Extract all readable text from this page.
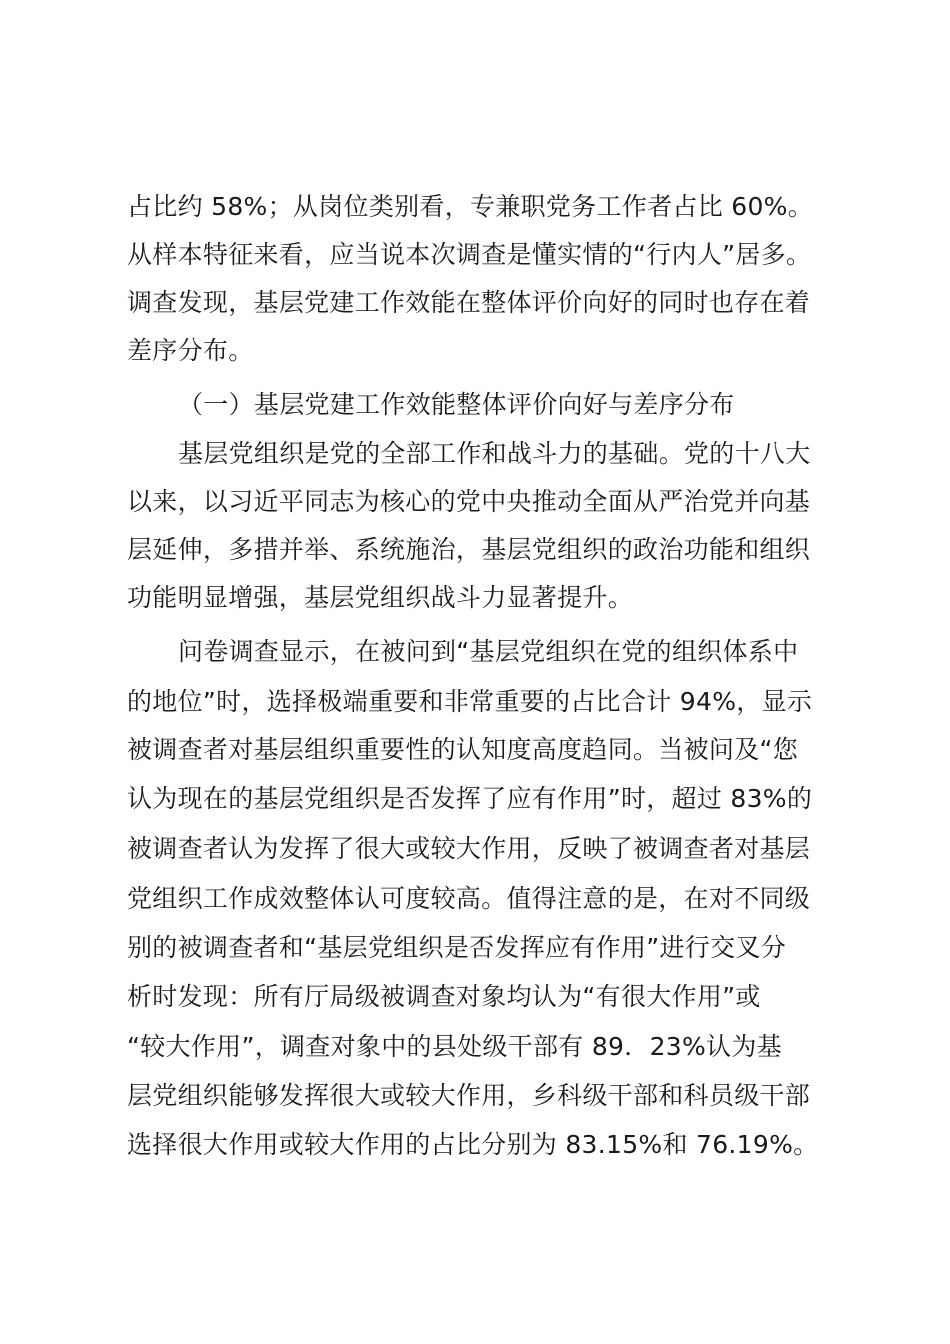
占比约 58%；从岗位类别看，专兼职党务工作者占比 60%。
从样本特征来看，应当说本次调查是懂实情的“行内人”居多。
调查发现，基层党建工作效能在整体评价向好的同时也存在着
差序分布。
（一）基层党建工作效能整体评价向好与差序分布
基层党组织是党的全部工作和战斗力的基础。党的十八大
以来，以习近平同志为核心的党中央推动全面从严治党并向基
层延伸，多措并举、系统施治，基层党组织的政治功能和组织
功能明显增强，基层党组织战斗力显著提升。
问卷调查显示，在被问到“基层党组织在党的组织体系中
的地位”时，选择极端重要和非常重要的占比合计 94%，显示
被调查者对基层组织重要性的认知度高度趋同。当被问及“您
认为现在的基层党组织是否发挥了应有作用”时，超过 83%的
被调查者认为发挥了很大或较大作用，反映了被调查者对基层
党组织工作成效整体认可度较高。值得注意的是，在对不同级
别的被调查者和“基层党组织是否发挥应有作用”进行交叉分
析时发现：所有厅局级被调查对象均认为“有很大作用”或
“较大作用”，调查对象中的县处级干部有 89．23%认为基
层党组织能够发挥很大或较大作用，乡科级干部和科员级干部
选择很大作用或较大作用的占比分别为 83.15%和 76.19%。
